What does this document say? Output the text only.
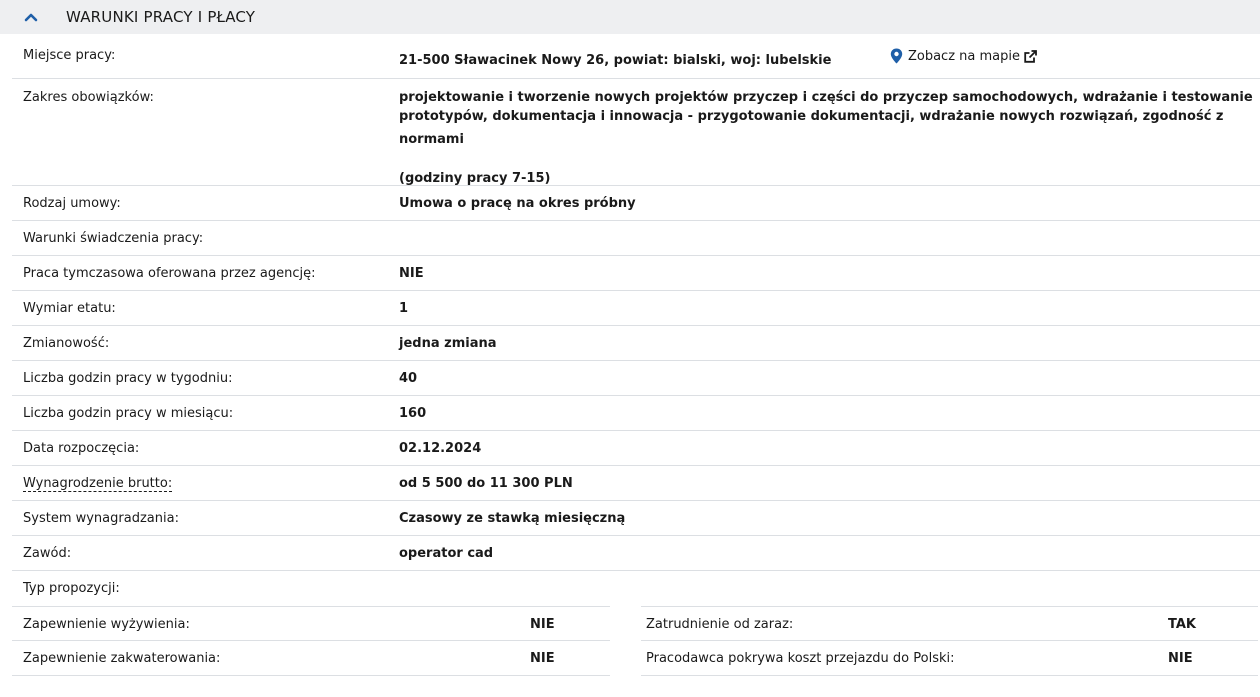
WARUNKI PRACY I PŁACY
Miejsce pracy:	21-500 Sławacinek Nowy 26, powiat: bialski, woj: lubelskie	Zobacz na mapie
Zakres obowiązków:	projektowanie i tworzenie nowych projektów przyczep i części do przyczep samochodowych, wdrażanie i testowanie
prototypów, dokumentacja i innowacja - przygotowanie dokumentacji, wdrażanie nowych rozwiązań, zgodność z normami
(godziny pracy 7-15)
Rodzaj umowy:	Umowa o pracę na okres próbny
Warunki świadczenia pracy:
Praca tymczasowa oferowana przez agencję:	NIE
Wymiar etatu:	1
Zmianowość:	jedna zmiana
Liczba godzin pracy w tygodniu:	40
Liczba godzin pracy w miesiącu:	160
Data rozpoczęcia:	02.12.2024
Wynagrodzenie brutto:	od 5 500 do 11 300 PLN
System wynagradzania:	Czasowy ze stawką miesięczną
Zawód:	operator cad
Typ propozycji:
Zapewnienie wyżywienia:	NIE
Zapewnienie zakwaterowania:	NIE
Zatrudnienie od zaraz:	TAK
Pracodawca pokrywa koszt przejazdu do Polski:	NIE
